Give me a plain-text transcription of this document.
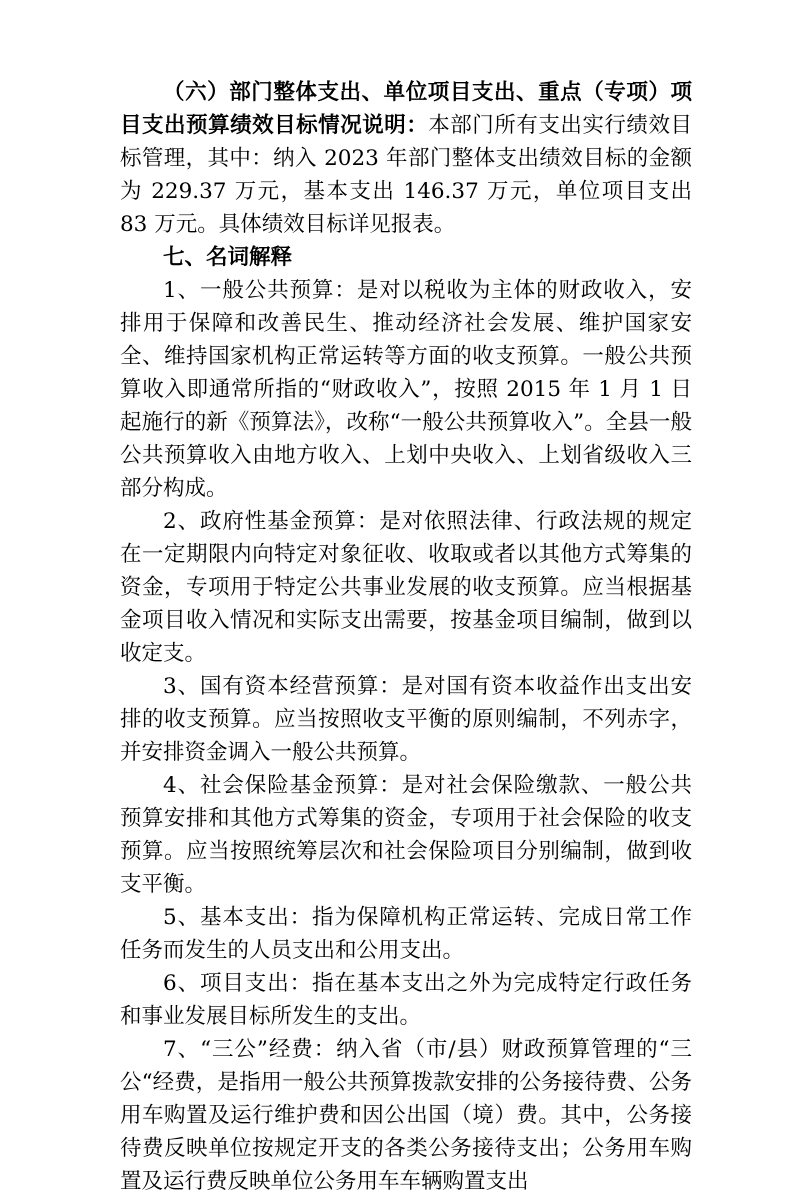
（六）部门整体支出、单位项目支出、重点（专项）项目支出预算绩效目标情况说明：本部门所有支出实行绩效目标管理，其中：纳入 2023 年部门整体支出绩效目标的金额为 229.37 万元，基本支出 146.37 万元，单位项目支出 83 万元。具体绩效目标详见报表。

七、名词解释

1、一般公共预算：是对以税收为主体的财政收入，安排用于保障和改善民生、推动经济社会发展、维护国家安全、维持国家机构正常运转等方面的收支预算。一般公共预算收入即通常所指的“财政收入”，按照 2015 年 1 月 1 日起施行的新《预算法》，改称“一般公共预算收入”。全县一般公共预算收入由地方收入、上划中央收入、上划省级收入三部分构成。

2、政府性基金预算：是对依照法律、行政法规的规定在一定期限内向特定对象征收、收取或者以其他方式筹集的资金，专项用于特定公共事业发展的收支预算。应当根据基金项目收入情况和实际支出需要，按基金项目编制，做到以收定支。

3、国有资本经营预算：是对国有资本收益作出支出安排的收支预算。应当按照收支平衡的原则编制，不列赤字，并安排资金调入一般公共预算。

4、社会保险基金预算：是对社会保险缴款、一般公共预算安排和其他方式筹集的资金，专项用于社会保险的收支预算。应当按照统筹层次和社会保险项目分别编制，做到收支平衡。

5、基本支出：指为保障机构正常运转、完成日常工作任务而发生的人员支出和公用支出。

6、项目支出：指在基本支出之外为完成特定行政任务和事业发展目标所发生的支出。

7、“三公”经费：纳入省（市/县）财政预算管理的“三公“经费，是指用一般公共预算拨款安排的公务接待费、公务用车购置及运行维护费和因公出国（境）费。其中，公务接待费反映单位按规定开支的各类公务接待支出；公务用车购置及运行费反映单位公务用车车辆购置支出
